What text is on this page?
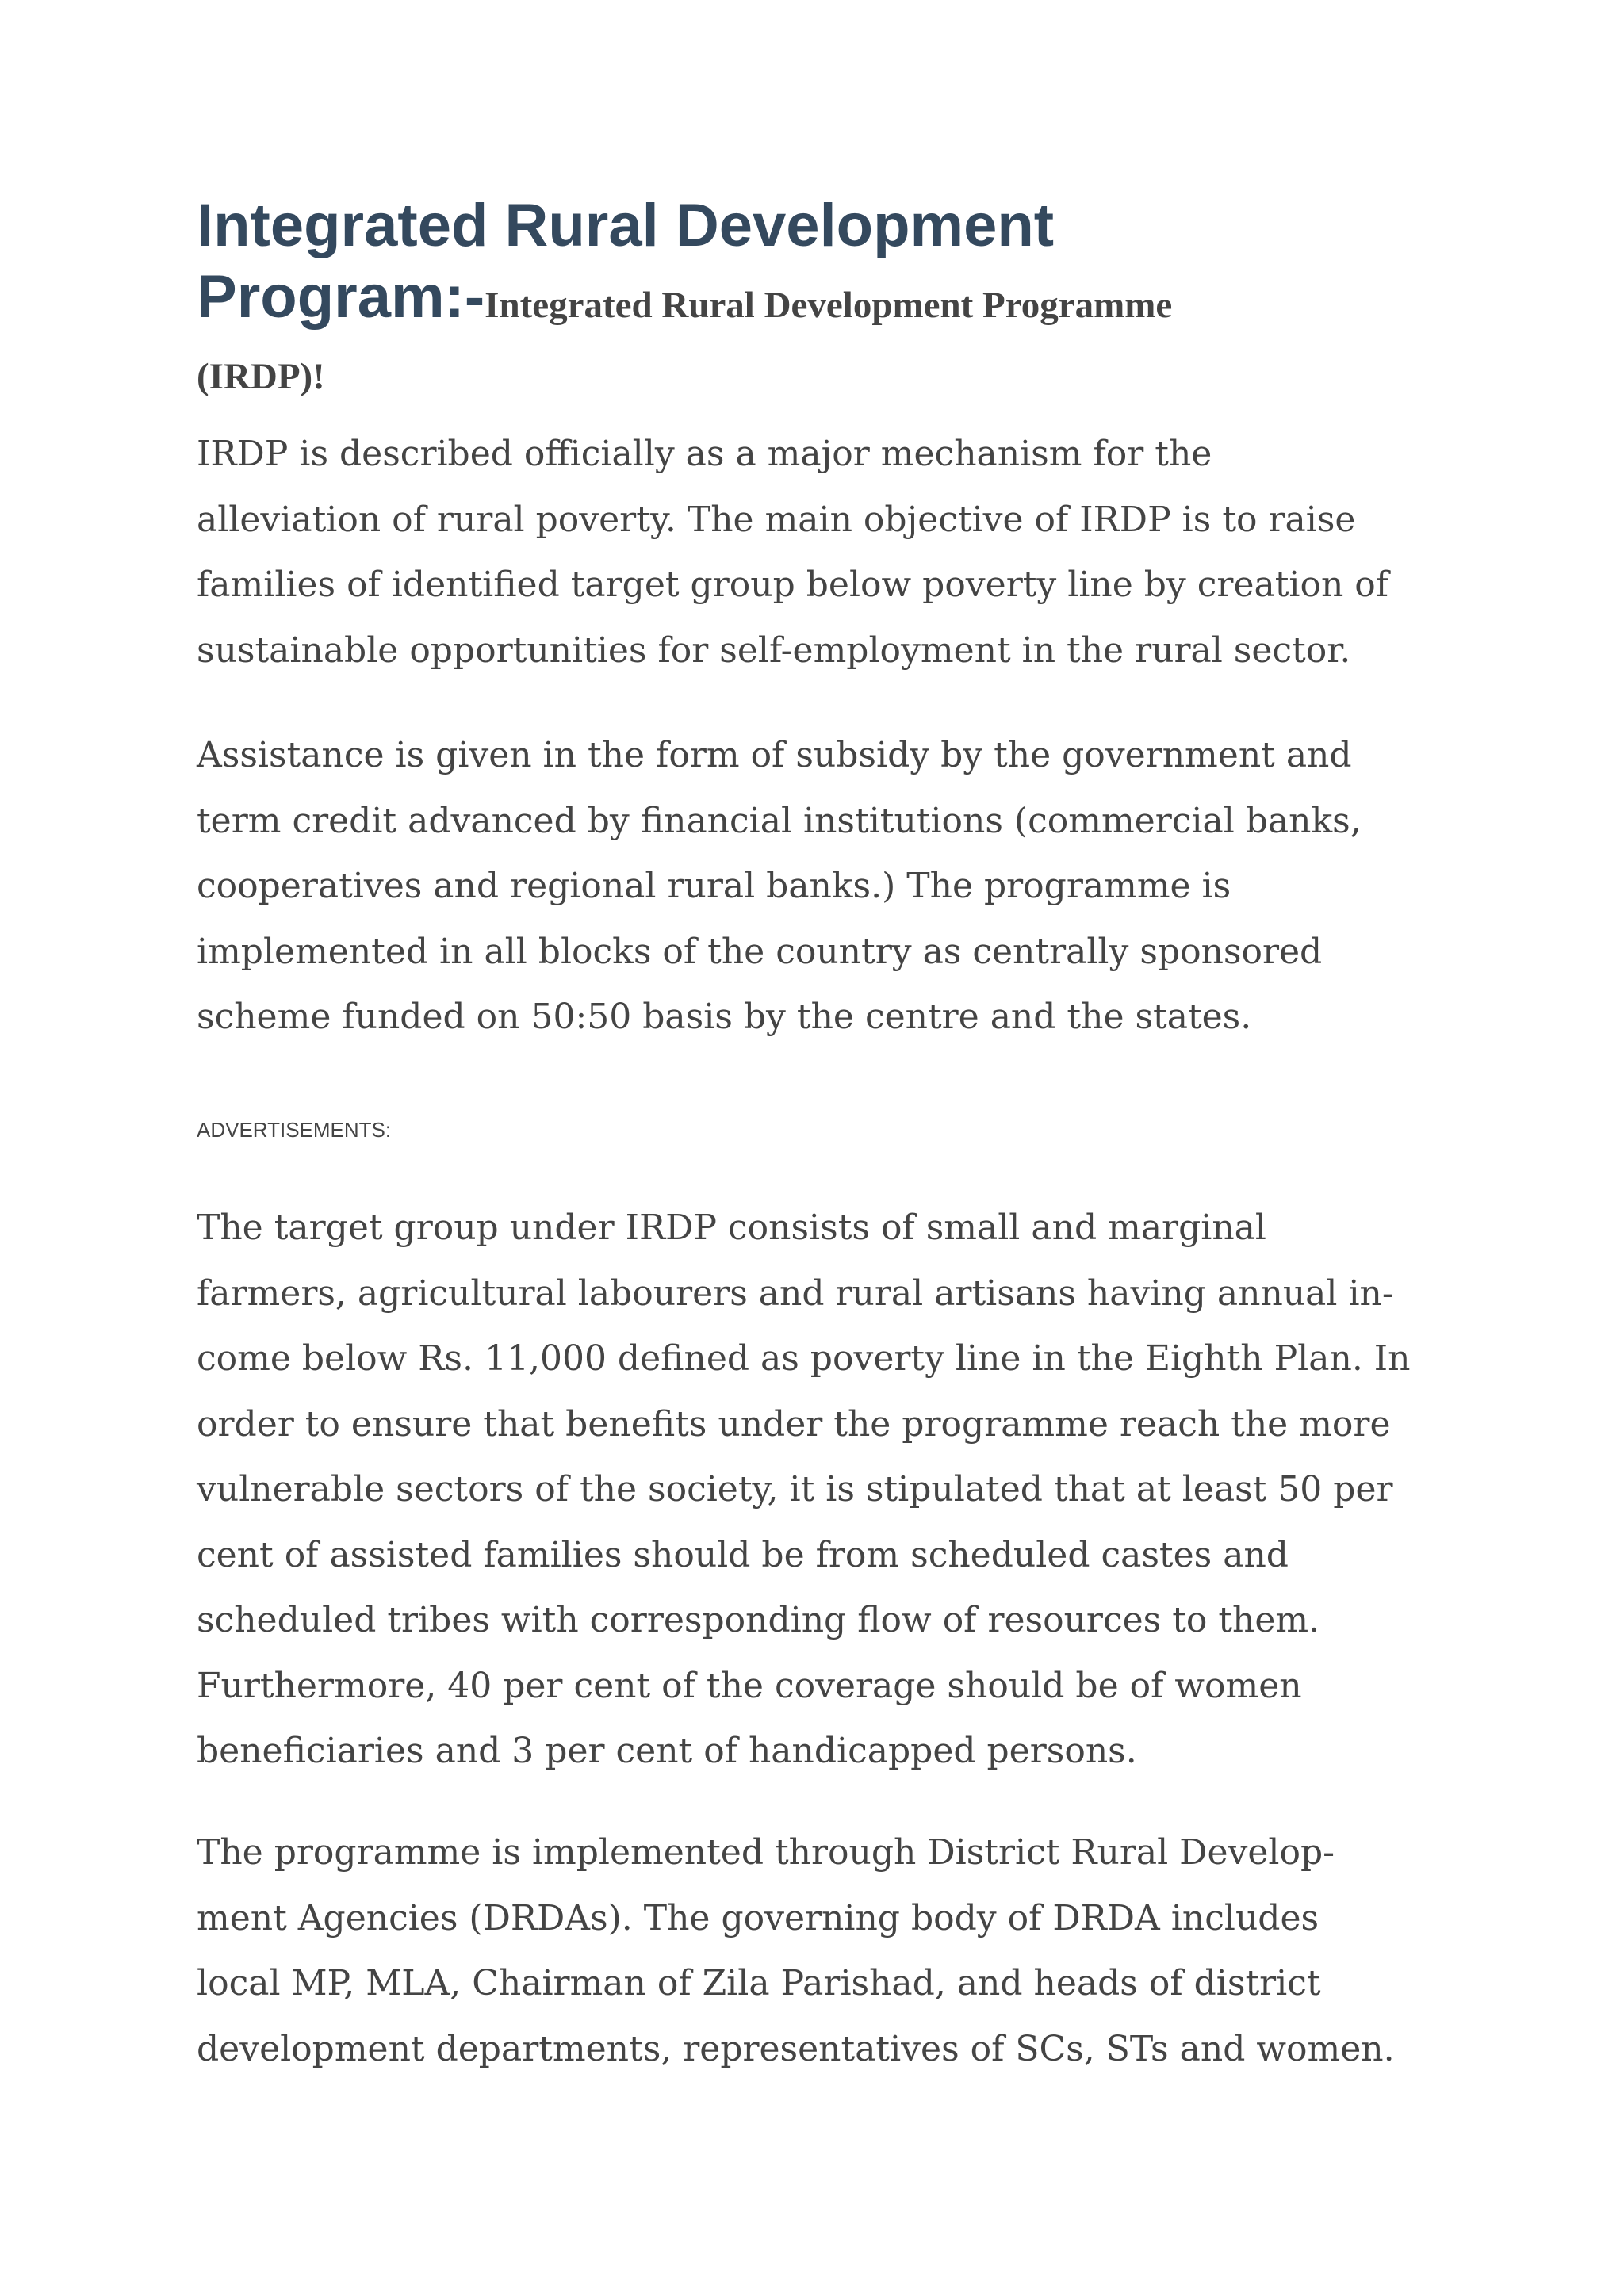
Integrated Rural Development
Program:-Integrated Rural Development Programme
(IRDP)!

IRDP is described officially as a major mechanism for the

alleviation of rural poverty. The main objective of IRDP is to raise

families of identified target group below poverty line by creation of

sustainable opportunities for self-employment in the rural sector.

Assistance is given in the form of subsidy by the government and

term credit advanced by financial institutions (commercial banks,

cooperatives and regional rural banks.) The programme is

implemented in all blocks of the country as centrally sponsored

scheme funded on 50:50 basis by the centre and the states.

ADVERTISEMENTS:

The target group under IRDP consists of small and marginal

farmers, agricultural labourers and rural artisans having annual in-

come below Rs. 11,000 defined as poverty line in the Eighth Plan. In

order to ensure that benefits under the programme reach the more

vulnerable sectors of the society, it is stipulated that at least 50 per

cent of assisted families should be from scheduled castes and

scheduled tribes with corresponding flow of resources to them.

Furthermore, 40 per cent of the coverage should be of women

beneficiaries and 3 per cent of handicapped persons.

The programme is implemented through District Rural Develop-

ment Agencies (DRDAs). The governing body of DRDA includes

local MP, MLA, Chairman of Zila Parishad, and heads of district

development departments, representatives of SCs, STs and women.
